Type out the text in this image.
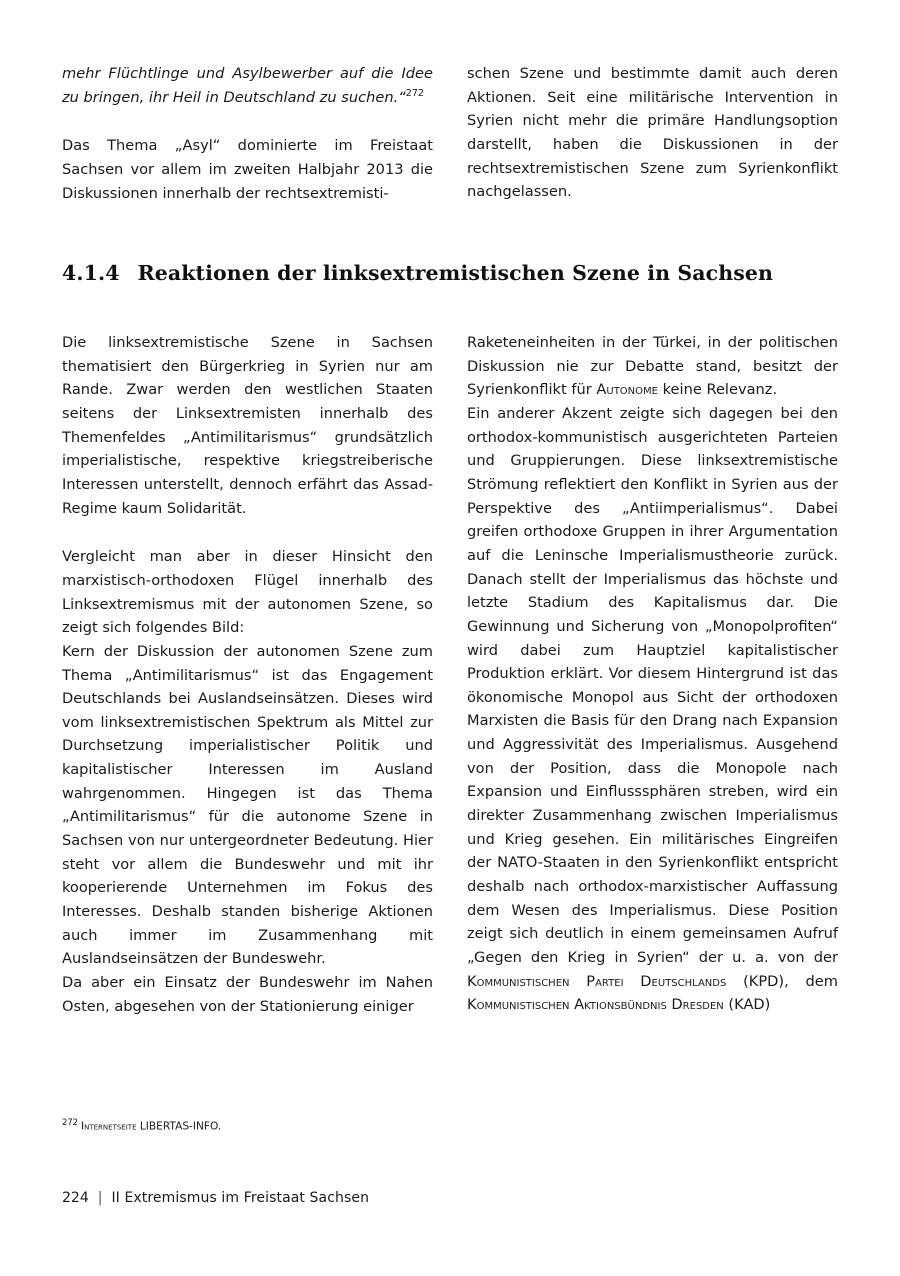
mehr Flüchtlinge und Asylbewerber auf die Idee zu bringen, ihr Heil in Deutschland zu suchen.“$^{272}$

Das Thema „Asyl“ dominierte im Freistaat Sachsen vor allem im zweiten Halbjahr 2013 die Diskussionen innerhalb der rechtsextremisti-

schen Szene und bestimmte damit auch deren Aktionen. Seit eine militärische Intervention in Syrien nicht mehr die primäre Handlungsoption darstellt, haben die Diskussionen in der rechtsextremistischen Szene zum Syrienkonflikt nachgelassen.

4.1.4 Reaktionen der linksextremistischen Szene in Sachsen

Die linksextremistische Szene in Sachsen thematisiert den Bürgerkrieg in Syrien nur am Rande. Zwar werden den westlichen Staaten seitens der Linksextremisten innerhalb des Themenfeldes „Antimilitarismus“ grundsätzlich imperialistische, respektive kriegstreiberische Interessen unterstellt, dennoch erfährt das Assad-Regime kaum Solidarität.

Vergleicht man aber in dieser Hinsicht den marxistisch-orthodoxen Flügel innerhalb des Linksextremismus mit der autonomen Szene, so zeigt sich folgendes Bild:

Kern der Diskussion der autonomen Szene zum Thema „Antimilitarismus“ ist das Engagement Deutschlands bei Auslandseinsätzen. Dieses wird vom linksextremistischen Spektrum als Mittel zur Durchsetzung imperialistischer Politik und kapitalistischer Interessen im Ausland wahrgenommen. Hingegen ist das Thema „Antimilitarismus“ für die autonome Szene in Sachsen von nur untergeordneter Bedeutung. Hier steht vor allem die Bundeswehr und mit ihr kooperierende Unternehmen im Fokus des Interesses. Deshalb standen bisherige Aktionen auch immer im Zusammenhang mit Auslandseinsätzen der Bundeswehr.

Da aber ein Einsatz der Bundeswehr im Nahen Osten, abgesehen von der Stationierung einiger

Raketeneinheiten in der Türkei, in der politischen Diskussion nie zur Debatte stand, besitzt der Syrienkonflikt für Autonome keine Relevanz.

Ein anderer Akzent zeigte sich dagegen bei den orthodox-kommunistisch ausgerichteten Parteien und Gruppierungen. Diese linksextremistische Strömung reflektiert den Konflikt in Syrien aus der Perspektive des „Antiimperialismus“. Dabei greifen orthodoxe Gruppen in ihrer Argumentation auf die Leninsche Imperialismustheorie zurück. Danach stellt der Imperialismus das höchste und letzte Stadium des Kapitalismus dar. Die Gewinnung und Sicherung von „Monopolprofiten“ wird dabei zum Hauptziel kapitalistischer Produktion erklärt. Vor diesem Hintergrund ist das ökonomische Monopol aus Sicht der orthodoxen Marxisten die Basis für den Drang nach Expansion und Aggressivität des Imperialismus. Ausgehend von der Position, dass die Monopole nach Expansion und Einflusssphären streben, wird ein direkter Zusammenhang zwischen Imperialismus und Krieg gesehen. Ein militärisches Eingreifen der NATO-Staaten in den Syrienkonflikt entspricht deshalb nach orthodox-marxistischer Auffassung dem Wesen des Imperialismus. Diese Position zeigt sich deutlich in einem gemeinsamen Aufruf „Gegen den Krieg in Syrien“ der u. a. von der Kommunistischen Partei Deutschlands (KPD), dem Kommunistischen Aktionsbündnis Dresden (KAD)

$^{272}$ Internetseite LIBERTAS-INFO.
224 | II Extremismus im Freistaat Sachsen
